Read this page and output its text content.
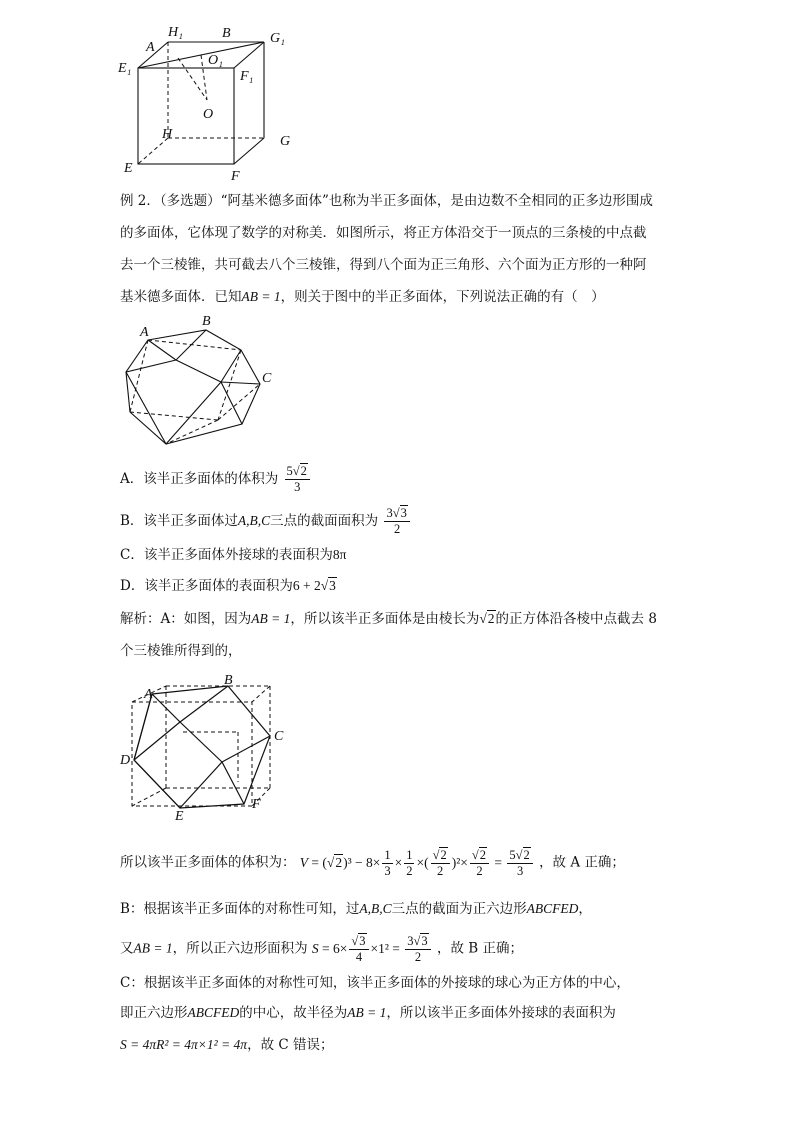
H₁	B	G₁
A
O₁
E₁
F₁
O
H	G
E
F
例 2．（多选题）“阿基米德多面体”也称为半正多面体，是由边数不全相同的正多边形围成
的多面体，它体现了数学的对称美．如图所示，将正方体沿交于一顶点的三条棱的中点截
去一个三棱锥，共可截去八个三棱锥，得到八个面为正三角形、六个面为正方形的一种阿
基米德多面体．已知AB = 1，则关于图中的半正多面体，下列说法正确的有（　）
A
B
C
A．该半正多面体的体积为 $\frac{5√2}{3}$
B．该半正多面体过A,B,C三点的截面面积为 $\frac{3√3}{2}$
C．该半正多面体外接球的表面积为8π
D．该半正多面体的表面积为6 + 2√3
解析：A：如图，因为AB = 1，所以该半正多面体是由棱长为√2的正方体沿各棱中点截去 8
个三棱锥所得到的，
A
B
C
D
E
F
所以该半正多面体的体积为： $V = (√2)^3 - 8\times \frac{1}{3} \times \frac{1}{2}$ ×( $\frac{√2}{2} )^2\times \frac{√2}{2} = \frac{5√2}{3}$ ，故 A 正确；
B：根据该半正多面体的对称性可知，过A,B,C三点的截面为正六边形ABCFED，
又AB = 1，所以正六边形面积为 $S = 6\times \frac{√3}{4} \times 1^2 = \frac{3√3}{2}$ ，故 B 正确；
C：根据该半正多面体的对称性可知，该半正多面体的外接球的球心为正方体的中心，
即正六边形ABCFED的中心，故半径为AB = 1，所以该半正多面体外接球的表面积为
S = 4πR² = 4π×1² = 4π，故 C 错误；
